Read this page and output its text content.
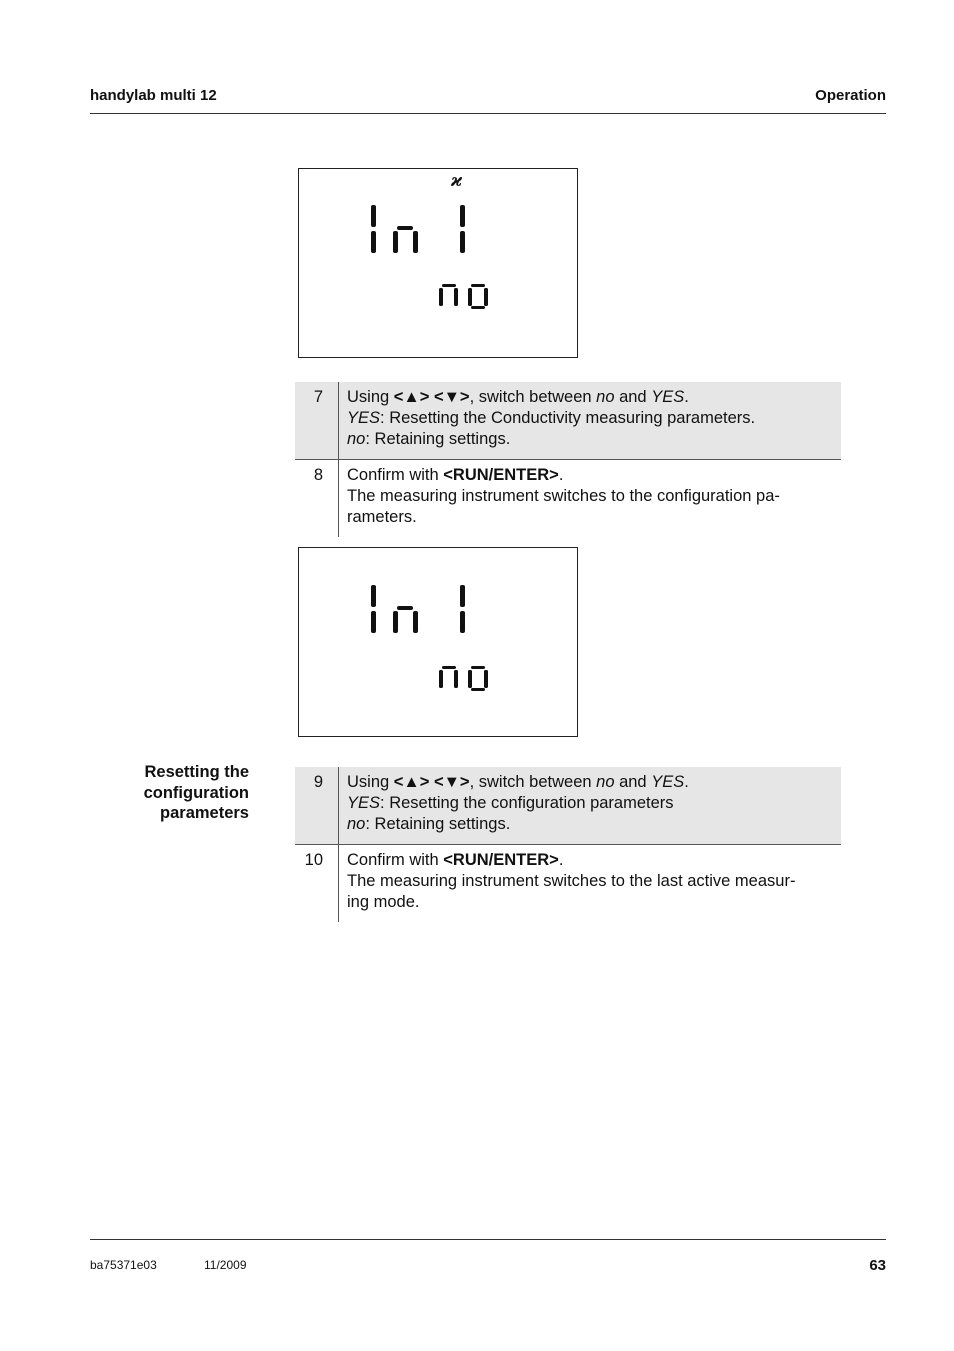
handylab multi 12	Operation
ϰ
7	Using <▲> <▼>, switch between no and YES.
YES: Resetting the Conductivity measuring parameters.
no: Retaining settings.
8	Confirm with <RUN/ENTER>.
The measuring instrument switches to the configuration pa-
rameters.
Resetting the
configuration
parameters
9	Using <▲> <▼>, switch between no and YES.
YES: Resetting the configuration parameters
no: Retaining settings.
10	Confirm with <RUN/ENTER>.
The measuring instrument switches to the last active measur-
ing mode.
ba75371e03	11/2009	63
